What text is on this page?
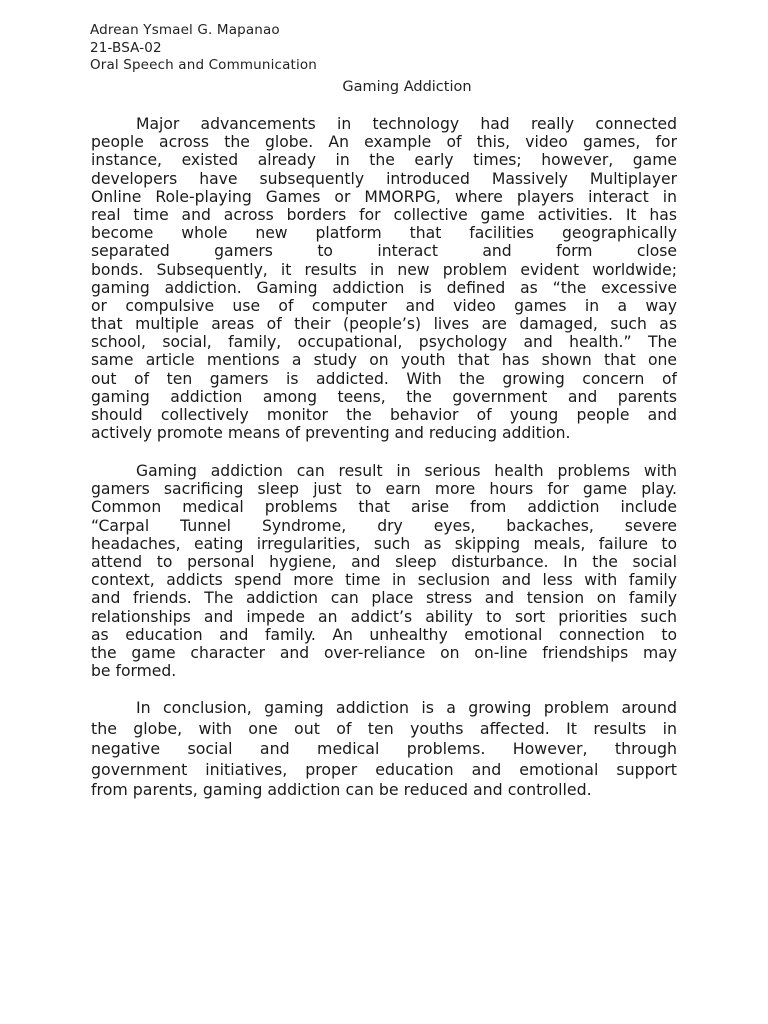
Adrean Ysmael G. Mapanao
21-BSA-02
Oral Speech and Communication
Gaming Addiction
Major advancements in technology had really connected
people across the globe. An example of this, video games, for
instance, existed already in the early times; however, game
developers have subsequently introduced Massively Multiplayer
Online Role-playing Games or MMORPG, where players interact in
real time and across borders for collective game activities. It has
become whole new platform that facilities geographically
separated gamers to interact and form close
bonds. Subsequently, it results in new problem evident worldwide;
gaming addiction. Gaming addiction is defined as “the excessive
or compulsive use of computer and video games in a way
that multiple areas of their (people’s) lives are damaged, such as
school, social, family, occupational, psychology and health.” The
same article mentions a study on youth that has shown that one
out of ten gamers is addicted. With the growing concern of
gaming addiction among teens, the government and parents
should collectively monitor the behavior of young people and
actively promote means of preventing and reducing addition.
Gaming addiction can result in serious health problems with
gamers sacrificing sleep just to earn more hours for game play.
Common medical problems that arise from addiction include
“Carpal Tunnel Syndrome, dry eyes, backaches, severe
headaches, eating irregularities, such as skipping meals, failure to
attend to personal hygiene, and sleep disturbance. In the social
context, addicts spend more time in seclusion and less with family
and friends. The addiction can place stress and tension on family
relationships and impede an addict’s ability to sort priorities such
as education and family. An unhealthy emotional connection to
the game character and over-reliance on on-line friendships may
be formed.
In conclusion, gaming addiction is a growing problem around
the globe, with one out of ten youths affected. It results in
negative social and medical problems. However, through
government initiatives, proper education and emotional support
from parents, gaming addiction can be reduced and controlled.
